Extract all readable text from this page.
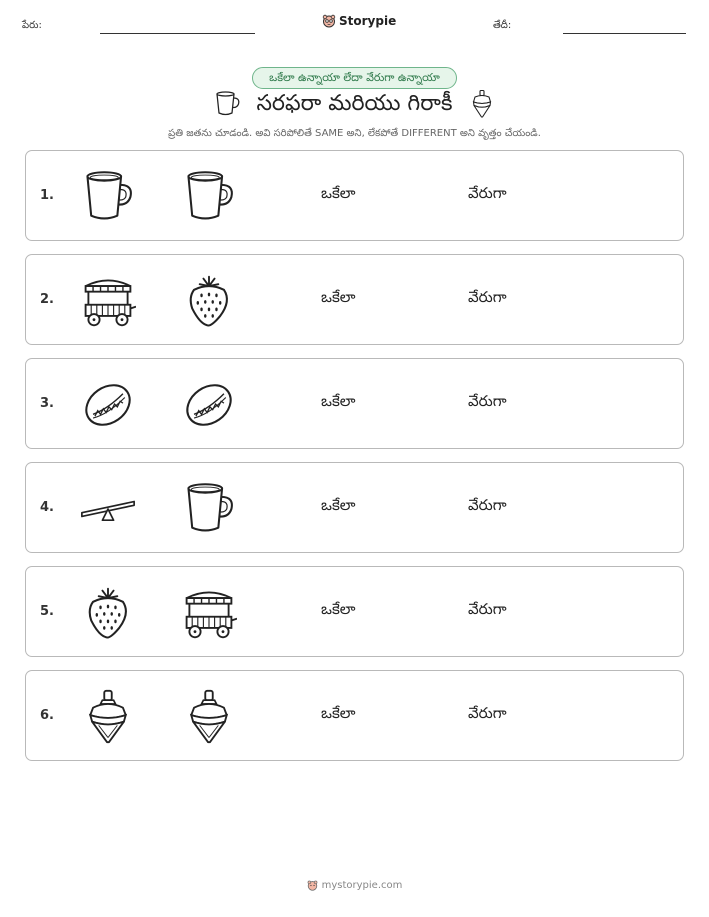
పేరు:	Storypie	తేదీ:
ఒకేలా ఉన్నాయా లేదా వేరుగా ఉన్నాయా
సరఫరా మరియు గిరాకీ
ప్రతి జతను చూడండి. అవి సరిపోలితే SAME అని, లేకపోతే DIFFERENT అని వృత్తం చేయండి.
1.	ఒకేలా	వేరుగా
2.	ఒకేలా	వేరుగా
3.	ఒకేలా	వేరుగా
4.	ఒకేలా	వేరుగా
5.	ఒకేలా	వేరుగా
6.	ఒకేలా	వేరుగా
mystorypie.com
